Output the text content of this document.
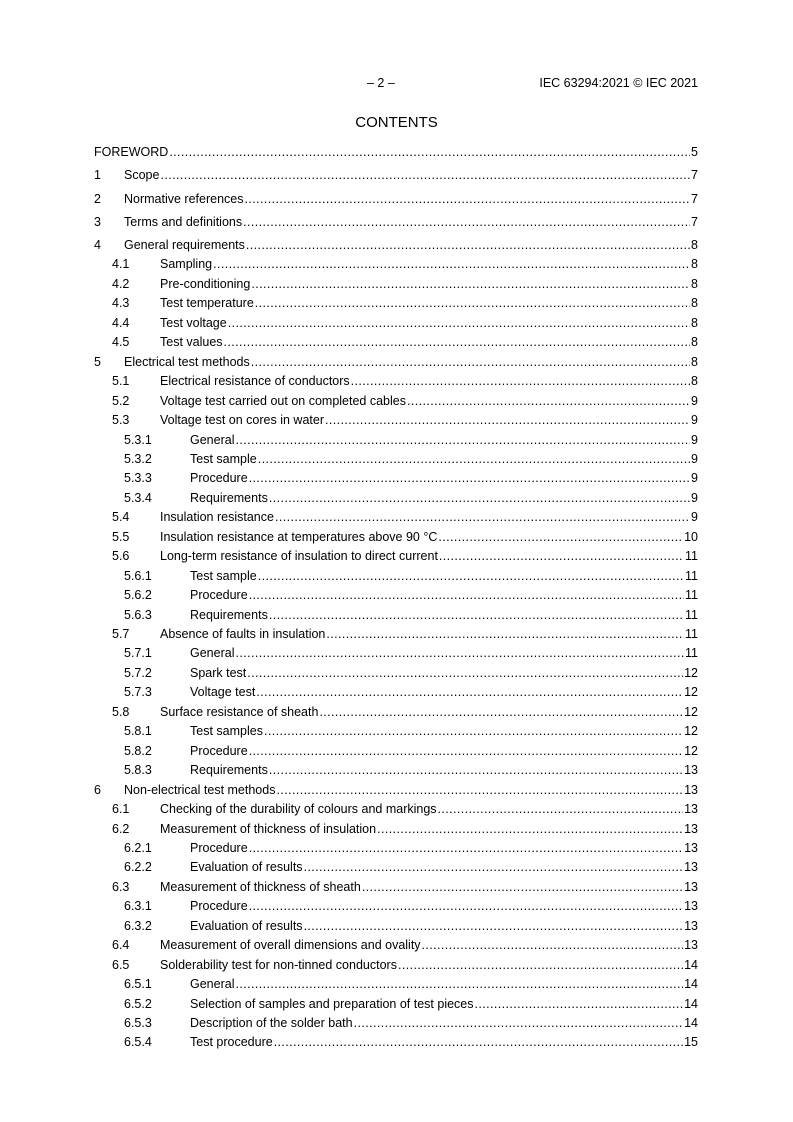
– 2 –	IEC 63294:2021 © IEC 2021
CONTENTS
FOREWORD .....	5
1 Scope .....	7
2 Normative references .....	7
3 Terms and definitions .....	7
4 General requirements .....	8
4.1 Sampling .....	8
4.2 Pre-conditioning .....	8
4.3 Test temperature .....	8
4.4 Test voltage .....	8
4.5 Test values .....	8
5 Electrical test methods .....	8
5.1 Electrical resistance of conductors .....	8
5.2 Voltage test carried out on completed cables .....	9
5.3 Voltage test on cores in water .....	9
5.3.1	General .....	9
5.3.2	Test sample .....	9
5.3.3	Procedure .....	9
5.3.4	Requirements .....	9
5.4 Insulation resistance .....	9
5.5 Insulation resistance at temperatures above 90 °C .....	10
5.6 Long-term resistance of insulation to direct current .....	11
5.6.1	Test sample .....	11
5.6.2	Procedure .....	11
5.6.3	Requirements .....	11
5.7 Absence of faults in insulation .....	11
5.7.1	General .....	11
5.7.2	Spark test .....	12
5.7.3	Voltage test .....	12
5.8 Surface resistance of sheath .....	12
5.8.1	Test samples .....	12
5.8.2	Procedure .....	12
5.8.3	Requirements .....	13
6 Non-electrical test methods .....	13
6.1 Checking of the durability of colours and markings .....	13
6.2 Measurement of thickness of insulation .....	13
6.2.1	Procedure .....	13
6.2.2	Evaluation of results .....	13
6.3 Measurement of thickness of sheath .....	13
6.3.1	Procedure .....	13
6.3.2	Evaluation of results .....	13
6.4 Measurement of overall dimensions and ovality .....	13
6.5 Solderability test for non-tinned conductors .....	14
6.5.1	General .....	14
6.5.2	Selection of samples and preparation of test pieces .....	14
6.5.3	Description of the solder bath .....	14
6.5.4	Test procedure .....	15
